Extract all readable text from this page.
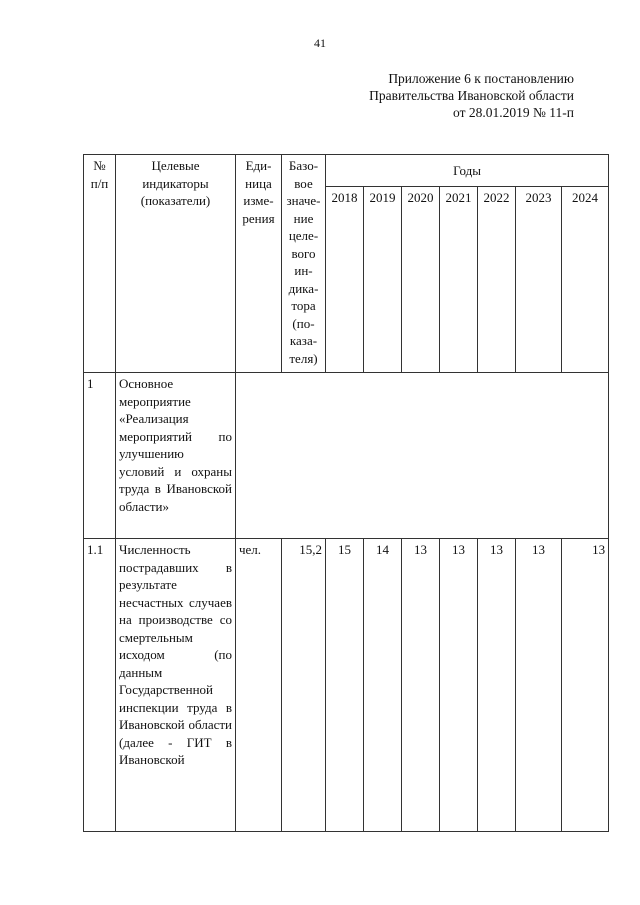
41
Приложение 6 к постановлению
Правительства Ивановской области
от 28.01.2019 № 11-п
№ п/п	Целевые индикаторы (показатели)	Единица измерения	Базовое значение целевого индикатора (показателя)	Годы						
				2018	2019	2020	2021	2022	2023	2024
1	Основное мероприятие «Реализация мероприятий по улучшению условий и охраны труда в Ивановской области»									
1.1	Численность пострадавших в результате несчастных случаев на производстве со смертельным исходом (по данным Государственной инспекции труда в Ивановской области (далее - ГИТ в Ивановской	чел.	15,2	15	14	13	13	13	13	13
